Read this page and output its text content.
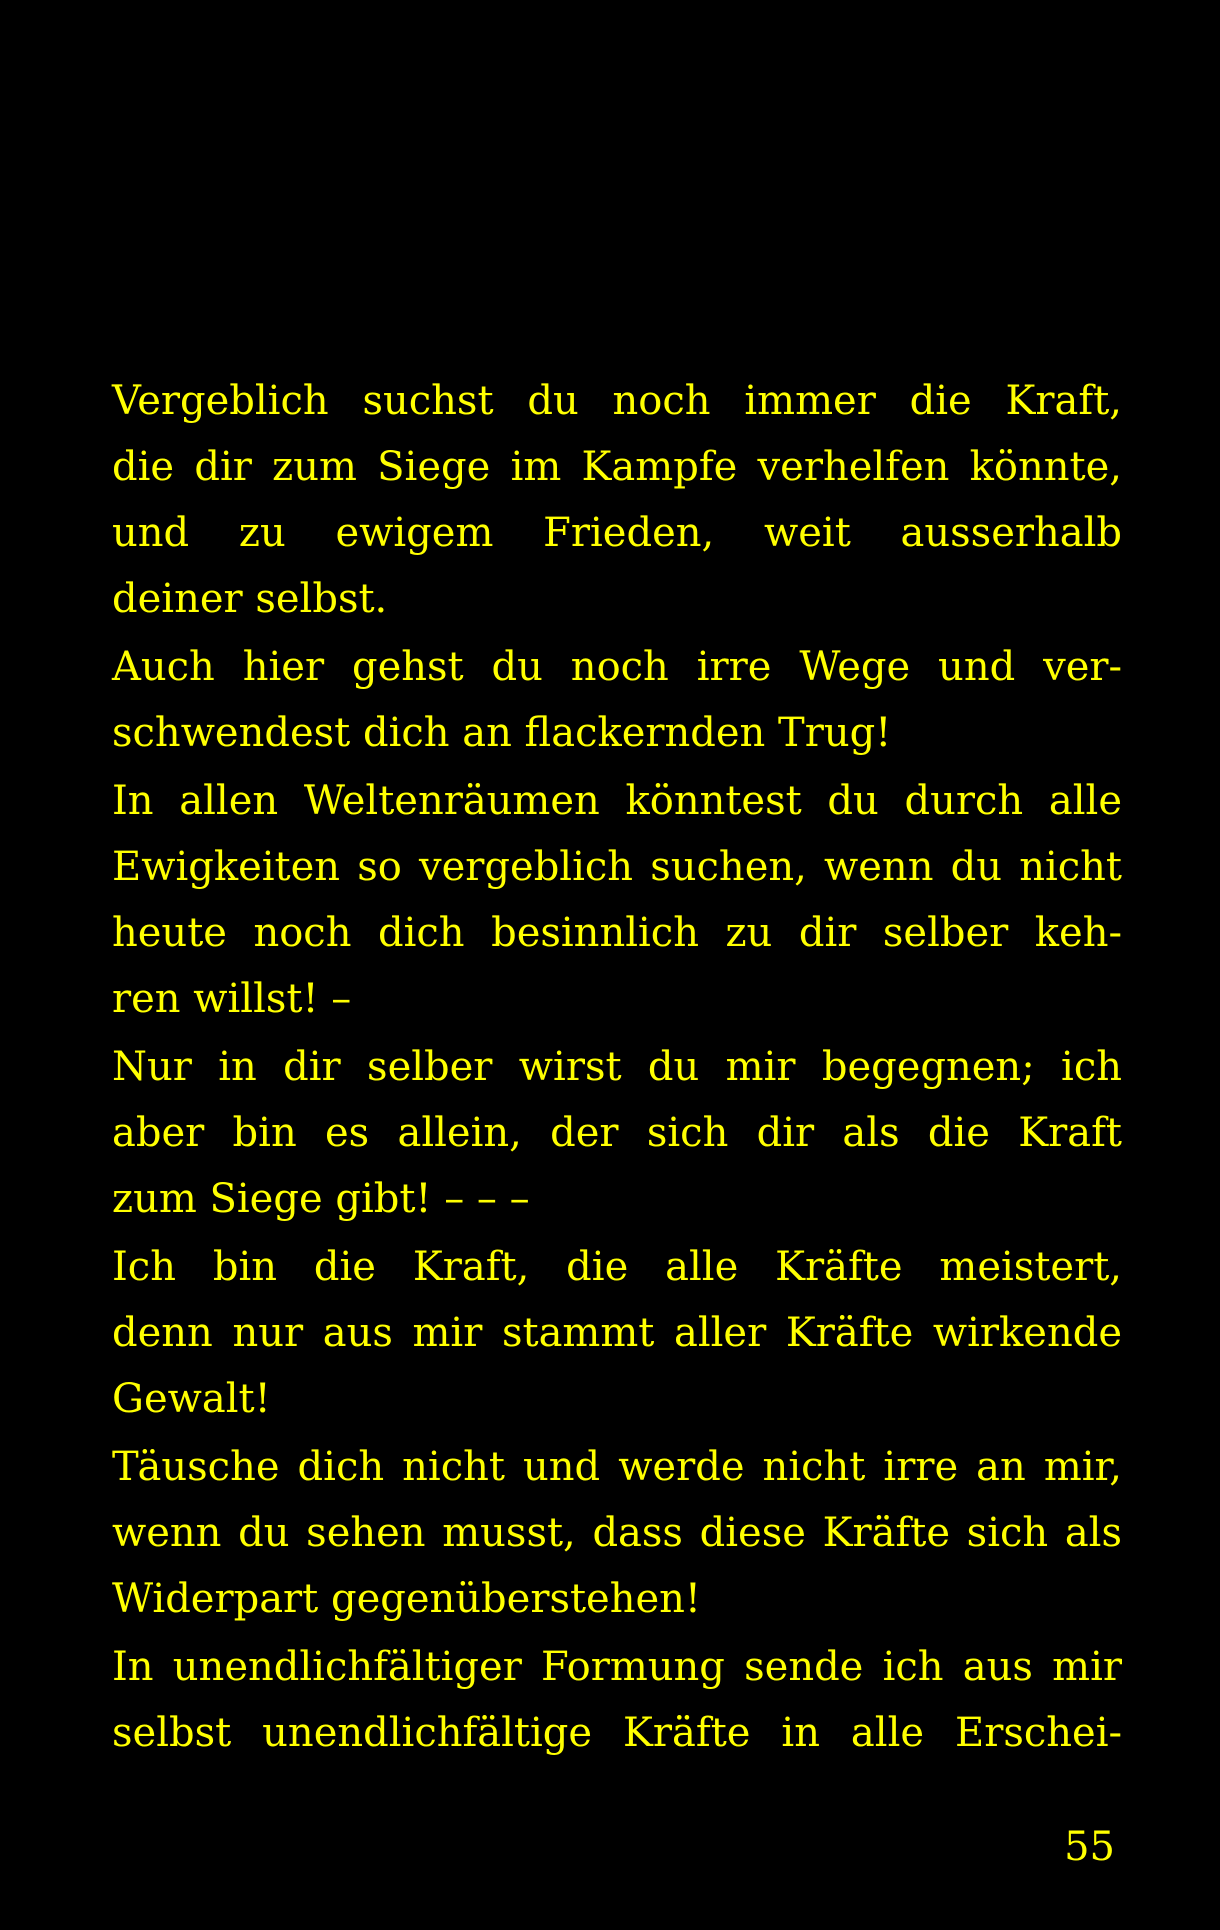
Vergeblich suchst du noch immer die Kraft,
die dir zum Siege im Kampfe verhelfen könnte,
und zu ewigem Frieden, weit ausserhalb
deiner selbst.
Auch hier gehst du noch irre Wege und ver-
schwendest dich an flackernden Trug!
In allen Weltenräumen könntest du durch alle
Ewigkeiten so vergeblich suchen, wenn du nicht
heute noch dich besinnlich zu dir selber keh-
ren willst! –
Nur in dir selber wirst du mir begegnen; ich
aber bin es allein, der sich dir als die Kraft
zum Siege gibt! – – –
Ich bin die Kraft, die alle Kräfte meistert,
denn nur aus mir stammt aller Kräfte wirkende
Gewalt!
Täusche dich nicht und werde nicht irre an mir,
wenn du sehen musst, dass diese Kräfte sich als
Widerpart gegenüberstehen!
In unendlichfältiger Formung sende ich aus mir
selbst unendlichfältige Kräfte in alle Erschei-
55
